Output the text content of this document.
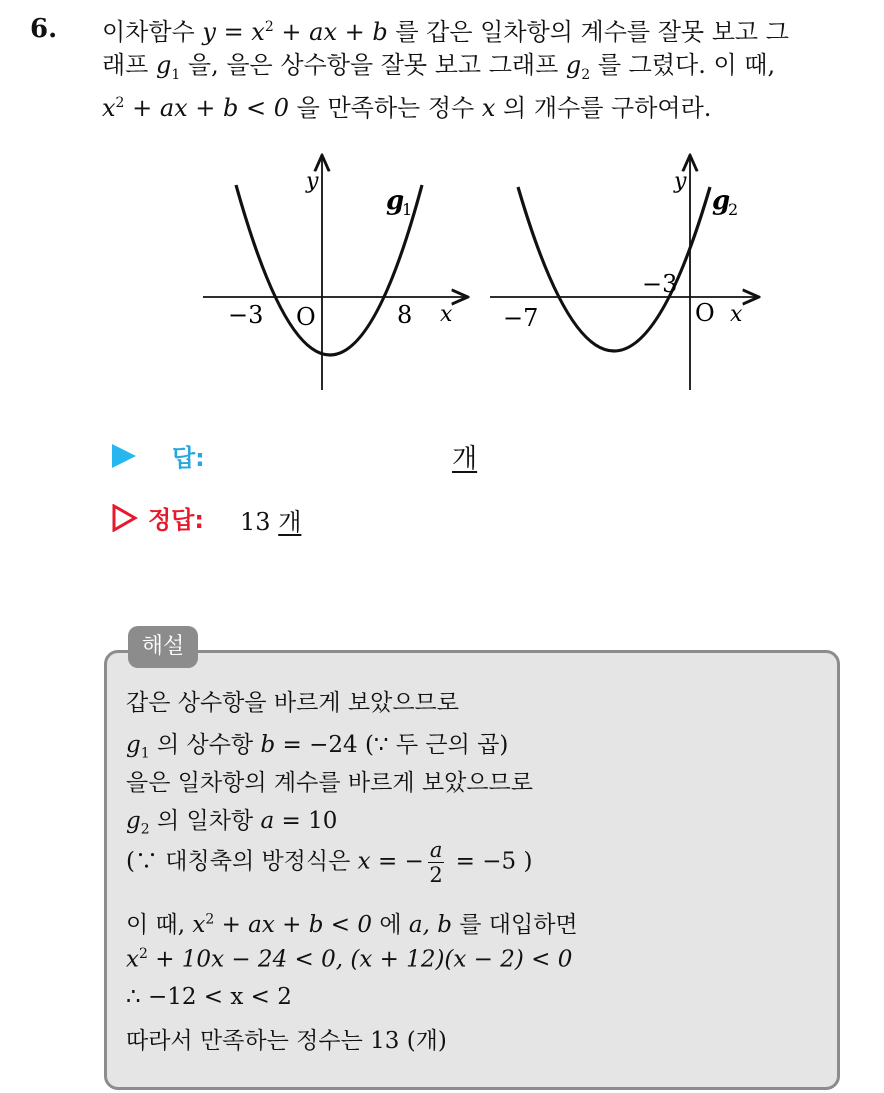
6. 이차함수 $y = x^2$ + ax + b 를 갑은 일차항의 계수를 잘못 보고 그
래프 $g_1$ 을, 을은 상수항을 잘못 보고 그래프 $g_2$ 를 그렸다. 이 때,
$x^2$ + ax + b < 0 을 만족하는 정수 x 의 개수를 구하여라.
y
x
O
−3	8
g
1
y
x
O
−7
−3
g
2
답:	개
정답: 13 개
해설
갑은 상수항을 바르게 보았으므로
$g_1$ 의 상수항 b = −24 (∵ 두 근의 곱)
을은 일차항의 계수를 바르게 보았으므로
$g_2$ 의 일차항 a = 10
(∵ 대칭축의 방정식은 x = − $\frac{a}{2} = -5$ )
이 때, $x^2$ + ax + b < 0 에 a, b 를 대입하면
$x^2 + 10x - 24 < 0$, (x + 12)(x − 2) < 0
∴ −12 < x < 2
따라서 만족하는 정수는 13 (개)
